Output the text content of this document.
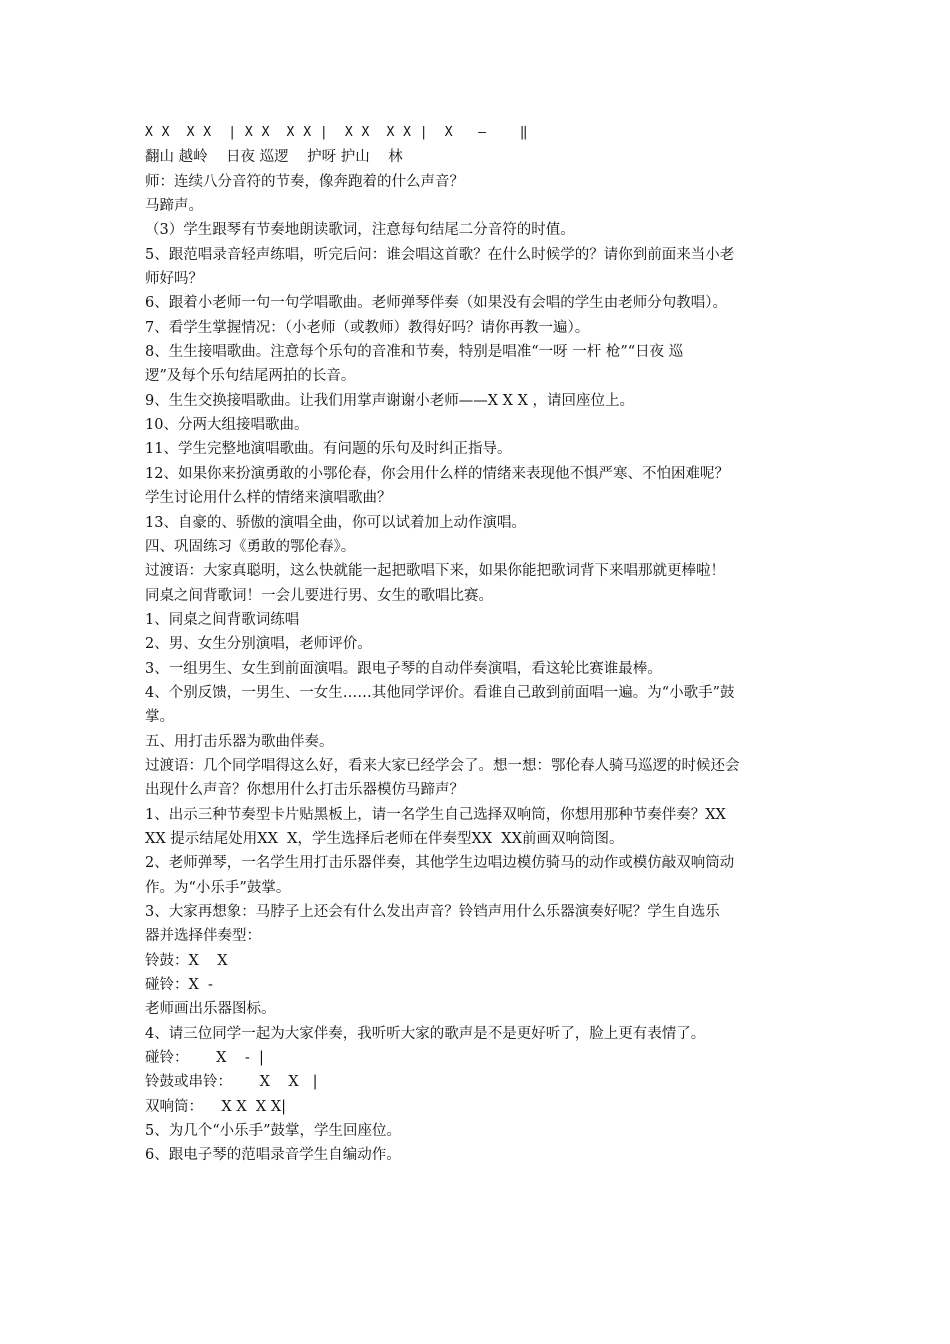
X X  X X  | X X  X X |  X X  X X |  X   —    ‖
翻山 越岭    日夜 巡逻    护呀 护山    林
师：连续八分音符的节奏，像奔跑着的什么声音？
马蹄声。
（3）学生跟琴有节奏地朗读歌词，注意每句结尾二分音符的时值。
5、跟范唱录音轻声练唱，听完后问：谁会唱这首歌？在什么时候学的？请你到前面来当小老
师好吗？
6、跟着小老师一句一句学唱歌曲。老师弹琴伴奏（如果没有会唱的学生由老师分句教唱）。
7、看学生掌握情况：（小老师（或教师）教得好吗？请你再教一遍）。
8、生生接唱歌曲。注意每个乐句的音准和节奏，特别是唱准“一呀 一杆 枪”“日夜 巡
逻”及每个乐句结尾两拍的长音。
9、生生交换接唱歌曲。让我们用掌声谢谢小老师——X X X ，请回座位上。
10、分两大组接唱歌曲。
11、学生完整地演唱歌曲。有问题的乐句及时纠正指导。
12、如果你来扮演勇敢的小鄂伦春，你会用什么样的情绪来表现他不惧严寒、不怕困难呢？
学生讨论用什么样的情绪来演唱歌曲？
13、自豪的、骄傲的演唱全曲，你可以试着加上动作演唱。
四、巩固练习《勇敢的鄂伦春》。
过渡语：大家真聪明，这么快就能一起把歌唱下来，如果你能把歌词背下来唱那就更棒啦！
同桌之间背歌词！一会儿要进行男、女生的歌唱比赛。
1、同桌之间背歌词练唱
2、男、女生分别演唱，老师评价。
3、一组男生、女生到前面演唱。跟电子琴的自动伴奏演唱，看这轮比赛谁最棒。
4、个别反馈，一男生、一女生……其他同学评价。看谁自己敢到前面唱一遍。为“小歌手”鼓
掌。
五、用打击乐器为歌曲伴奏。
过渡语：几个同学唱得这么好，看来大家已经学会了。想一想：鄂伦春人骑马巡逻的时候还会
出现什么声音？你想用什么打击乐器模仿马蹄声？
1、出示三种节奏型卡片贴黑板上，请一名学生自己选择双响筒，你想用那种节奏伴奏？XX
XX 提示结尾处用XX  X，学生选择后老师在伴奏型XX  XX前画双响筒图。
2、老师弹琴，一名学生用打击乐器伴奏，其他学生边唱边模仿骑马的动作或模仿敲双响筒动
作。为“小乐手”鼓掌。
3、大家再想象：马脖子上还会有什么发出声音？铃铛声用什么乐器演奏好呢？学生自选乐
器并选择伴奏型：
铃鼓：X    X
碰铃：X  -
老师画出乐器图标。
4、请三位同学一起为大家伴奏，我听听大家的歌声是不是更好听了，脸上更有表情了。
碰铃：      X    -  |
铃鼓或串铃：      X    X   |
双响筒：    X X  X X|
5、为几个“小乐手”鼓掌，学生回座位。
6、跟电子琴的范唱录音学生自编动作。
